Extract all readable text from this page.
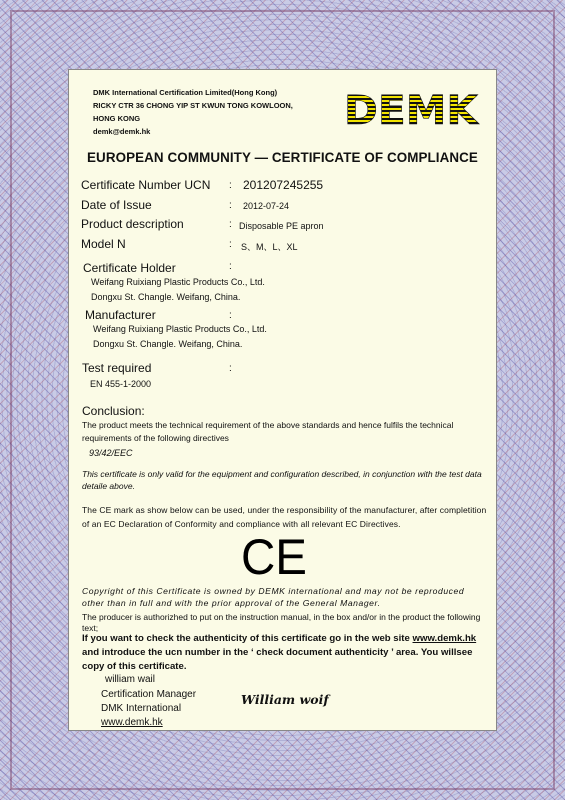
DMK International Certification Limited(Hong Kong)
RICKY CTR 36 CHONG YIP ST KWUN TONG KOWLOON,
HONG KONG
demk@demk.hk	DEMK
EUROPEAN COMMUNITY — CERTIFICATE OF COMPLIANCE
Certificate Number UCN : 201207245255
Date of Issue	: 2012-07-24
Product description	: Disposable PE apron
Model N	: S、M、L、XL
Certificate Holder	:
Weifang Ruixiang Plastic Products Co., Ltd.
Dongxu St. Changle. Weifang, China.
Manufacturer	:
Weifang Ruixiang Plastic Products Co., Ltd.
Dongxu St. Changle. Weifang, China.
Test required	:
EN 455-1-2000
Conclusion:
The product meets the technical requirement of the above standards and hence fulfils the technical requirements of the following directives
93/42/EEC
This certificate is only valid for the equipment and configuration described, in conjunction with the test data detaile above.
The CE mark as show below can be used, under the responsibility of the manufacturer, after completition of an EC Declaration of Conformity and compliance with all relevant EC Directives.
CE
Copyright of this Certificate is owned by DEMK international and may not be reproduced other than in full and with the prior approval of the General Manager.
The producer is authorizhed to put on the instruction manual, in the box and/or in the product the following text;
If you want to check the authenticity of this certificate go in the web site www.demk.hk and introduce the ucn number in the ‘ check document authenticity ’ area. You willsee copy of this certificate.
william wail
Certification Manager
DMK International
www.demk.hk
William woif
